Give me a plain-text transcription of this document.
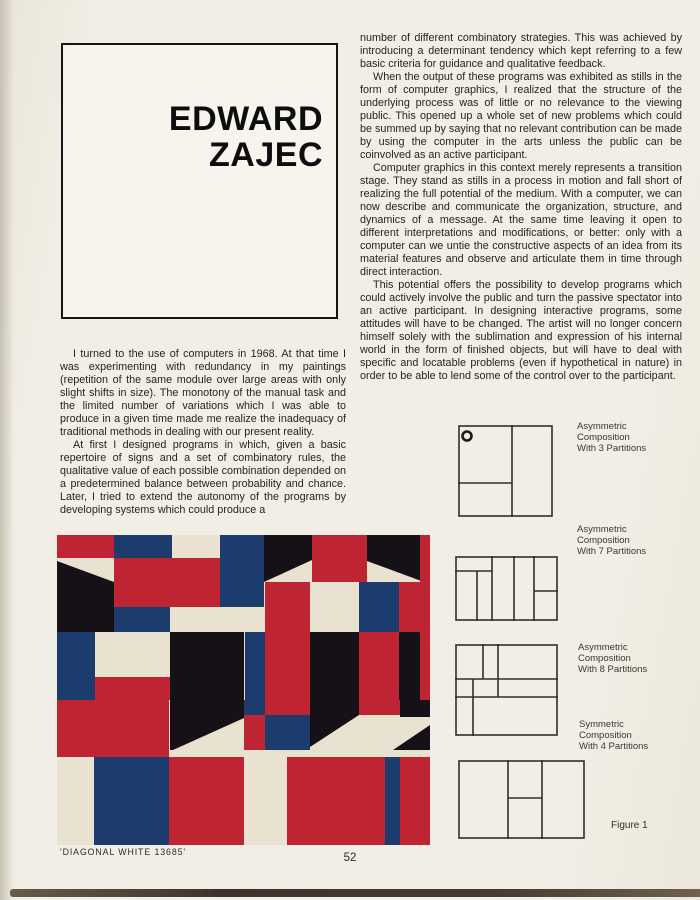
EDWARD
ZAJEC

number of different combinatory strategies. This was achieved by introducing a determinant tendency which kept referring to a few basic criteria for guidance and qualitative feedback.

When the output of these programs was exhibited as stills in the form of computer graphics, I realized that the structure of the underlying process was of little or no relevance to the viewing public. This opened up a whole set of new problems which could be summed up by saying that no relevant contribution can be made by using the computer in the arts unless the public can be coinvolved as an active participant.

Computer graphics in this context merely represents a transition stage. They stand as stills in a process in motion and fall short of realizing the full potential of the medium. With a computer, we can now describe and communicate the organization, structure, and dynamics of a message. At the same time leaving it open to different interpretations and modifications, or better: only with a computer can we untie the constructive aspects of an idea from its material features and observe and articulate them in time through direct interaction.

This potential offers the possibility to develop programs which could actively involve the public and turn the passive spectator into an active participant. In designing interactive programs, some attitudes will have to be changed. The artist will no longer concern himself solely with the sublimation and expression of his internal world in the form of finished objects, but will have to deal with specific and locatable problems (even if hypothetical in nature) in order to be able to lend some of the control over to the participant.

I turned to the use of computers in 1968. At that time I was experimenting with redundancy in my paintings (repetition of the same module over large areas with only slight shifts in size). The monotony of the manual task and the limited number of variations which I was able to produce in a given time made me realize the inadequacy of traditional methods in dealing with our present reality.

At first I designed programs in which, given a basic repertoire of signs and a set of combinatory rules, the qualitative value of each possible combination depended on a predetermined balance between probability and chance. Later, I tried to extend the autonomy of the programs by developing systems which could produce a

'DIAGONAL WHITE 13685'
Asymmetric
Composition
With 3 Partitions
Asymmetric
Composition
With 7 Partitions
Asymmetric
Composition
With 8 Partitions
Symmetric
Composition
With 4 Partitions
Figure 1
52
